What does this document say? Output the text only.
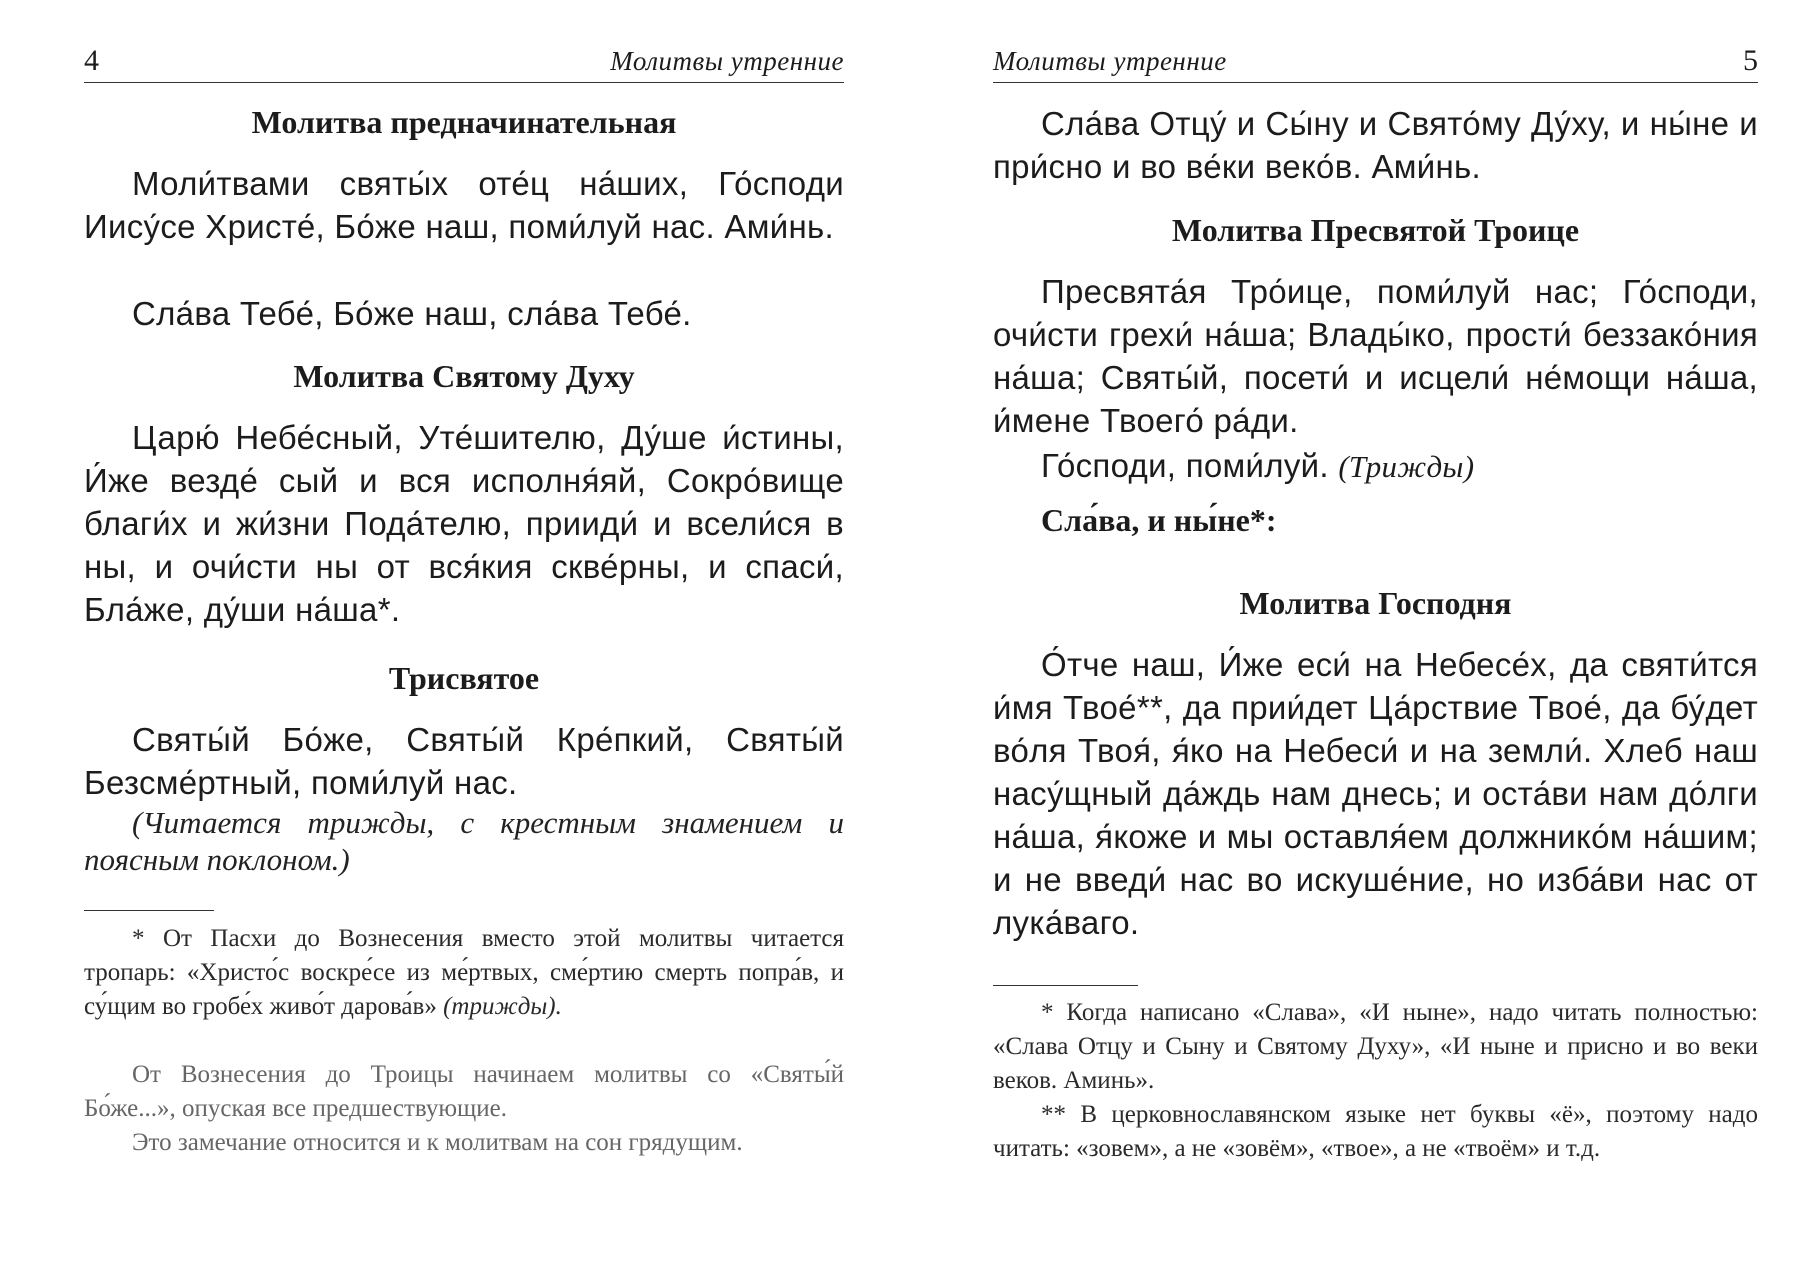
4	Молитвы утренние
Молитва предначинательная

Моли́твами святы́х оте́ц на́ших, Го́споди Иису́се Христе́, Бо́же наш, поми́луй нас. Ами́нь.

Сла́ва Тебе́, Бо́же наш, сла́ва Тебе́.

Молитва Святому Духу

Царю́ Небе́сный, Уте́шителю, Ду́ше и́стины, И́же везде́ сый и вся исполня́яй, Сокро́вище благи́х и жи́зни Пода́телю, прииди́ и всели́ся в ны, и очи́сти ны от вся́кия скве́рны, и спаси́, Бла́же, ду́ши на́ша*.

Трисвятое

Святы́й Бо́же, Святы́й Кре́пкий, Святы́й Безсме́ртный, поми́луй нас.

(Читается трижды, с крестным знамением и поясным поклоном.)

* От Пасхи до Вознесения вместо этой молитвы читается тропарь: «Христо́с воскре́се из ме́ртвых, сме́ртию смерть попра́в, и су́щим во гробе́х живо́т дарова́в» (трижды).

От Вознесения до Троицы начинаем молитвы со «Святы́й Бо́же...», опуская все предшествующие.

Это замечание относится и к молитвам на сон грядущим.

Молитвы утренние	5

Сла́ва Отцу́ и Сы́ну и Свято́му Ду́ху, и ны́не и при́сно и во ве́ки веко́в. Ами́нь.

Молитва Пресвятой Троице

Пресвята́я Тро́ице, поми́луй нас; Го́споди, очи́сти грехи́ на́ша; Влады́ко, прости́ беззако́ния на́ша; Святы́й, посети́ и исцели́ не́мощи на́ша, и́мене Твоего́ ра́ди.

Го́споди, поми́луй. (Трижды)

Сла́ва, и ны́не*:

Молитва Господня

О́тче наш, И́же еси́ на Небесе́х, да святи́тся и́мя Твое́**, да прии́дет Ца́рствие Твое́, да бу́дет во́ля Твоя́, я́ко на Небеси́ и на земли́. Хлеб наш насу́щный да́ждь нам днесь; и оста́ви нам до́лги на́ша, я́коже и мы оставля́ем должнико́м на́шим; и не введи́ нас во искуше́ние, но изба́ви нас от лука́ваго.

* Когда написано «Слава», «И ныне», надо читать полностью: «Слава Отцу и Сыну и Святому Духу», «И ныне и присно и во веки веков. Аминь».

** В церковнославянском языке нет буквы «ё», поэтому надо читать: «зовем», а не «зовём», «твое», а не «твоём» и т.д.
